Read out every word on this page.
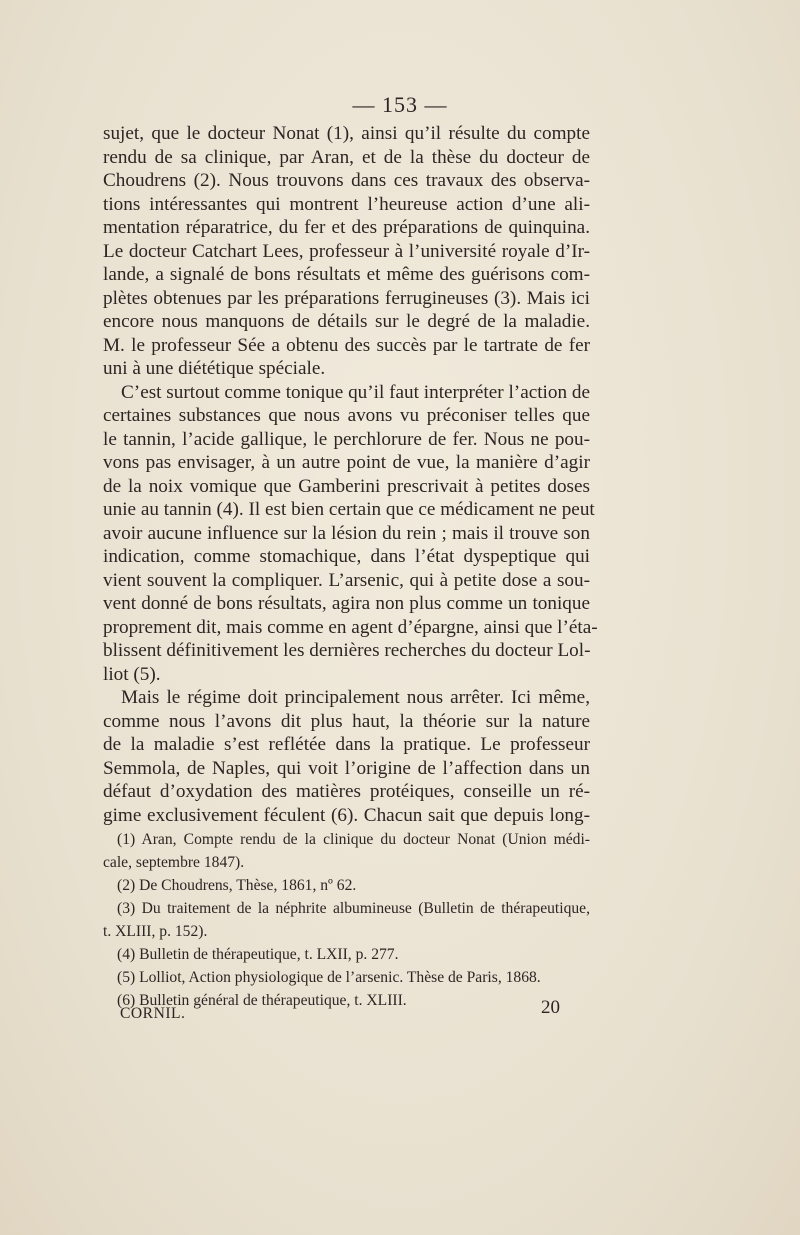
— 153 —
sujet, que le docteur Nonat (1), ainsi qu’il résulte du compte
rendu de sa clinique, par Aran, et de la thèse du docteur de
Choudrens (2). Nous trouvons dans ces travaux des observa-
tions intéressantes qui montrent l’heureuse action d’une ali-
mentation réparatrice, du fer et des préparations de quinquina.
Le docteur Catchart Lees, professeur à l’université royale d’Ir-
lande, a signalé de bons résultats et même des guérisons com-
plètes obtenues par les préparations ferrugineuses (3). Mais ici
encore nous manquons de détails sur le degré de la maladie.
M. le professeur Sée a obtenu des succès par le tartrate de fer
uni à une diététique spéciale.
C’est surtout comme tonique qu’il faut interpréter l’action de
certaines substances que nous avons vu préconiser telles que
le tannin, l’acide gallique, le perchlorure de fer. Nous ne pou-
vons pas envisager, à un autre point de vue, la manière d’agir
de la noix vomique que Gamberini prescrivait à petites doses
unie au tannin (4). Il est bien certain que ce médicament ne peut
avoir aucune influence sur la lésion du rein ; mais il trouve son
indication, comme stomachique, dans l’état dyspeptique qui
vient souvent la compliquer. L’arsenic, qui à petite dose a sou-
vent donné de bons résultats, agira non plus comme un tonique
proprement dit, mais comme en agent d’épargne, ainsi que l’éta-
blissent définitivement les dernières recherches du docteur Lol-
liot (5).
Mais le régime doit principalement nous arrêter. Ici même,
comme nous l’avons dit plus haut, la théorie sur la nature
de la maladie s’est reflétée dans la pratique. Le professeur
Semmola, de Naples, qui voit l’origine de l’affection dans un
défaut d’oxydation des matières protéiques, conseille un ré-
gime exclusivement féculent (6). Chacun sait que depuis long-
(1) Aran, Compte rendu de la clinique du docteur Nonat (Union médi-
cale, septembre 1847).
(2) De Choudrens, Thèse, 1861, nº 62.
(3) Du traitement de la néphrite albumineuse (Bulletin de thérapeutique,
t. XLIII, p. 152).
(4) Bulletin de thérapeutique, t. LXII, p. 277.
(5) Lolliot, Action physiologique de l’arsenic. Thèse de Paris, 1868.
(6) Bulletin général de thérapeutique, t. XLIII.
CORNIL.	20
